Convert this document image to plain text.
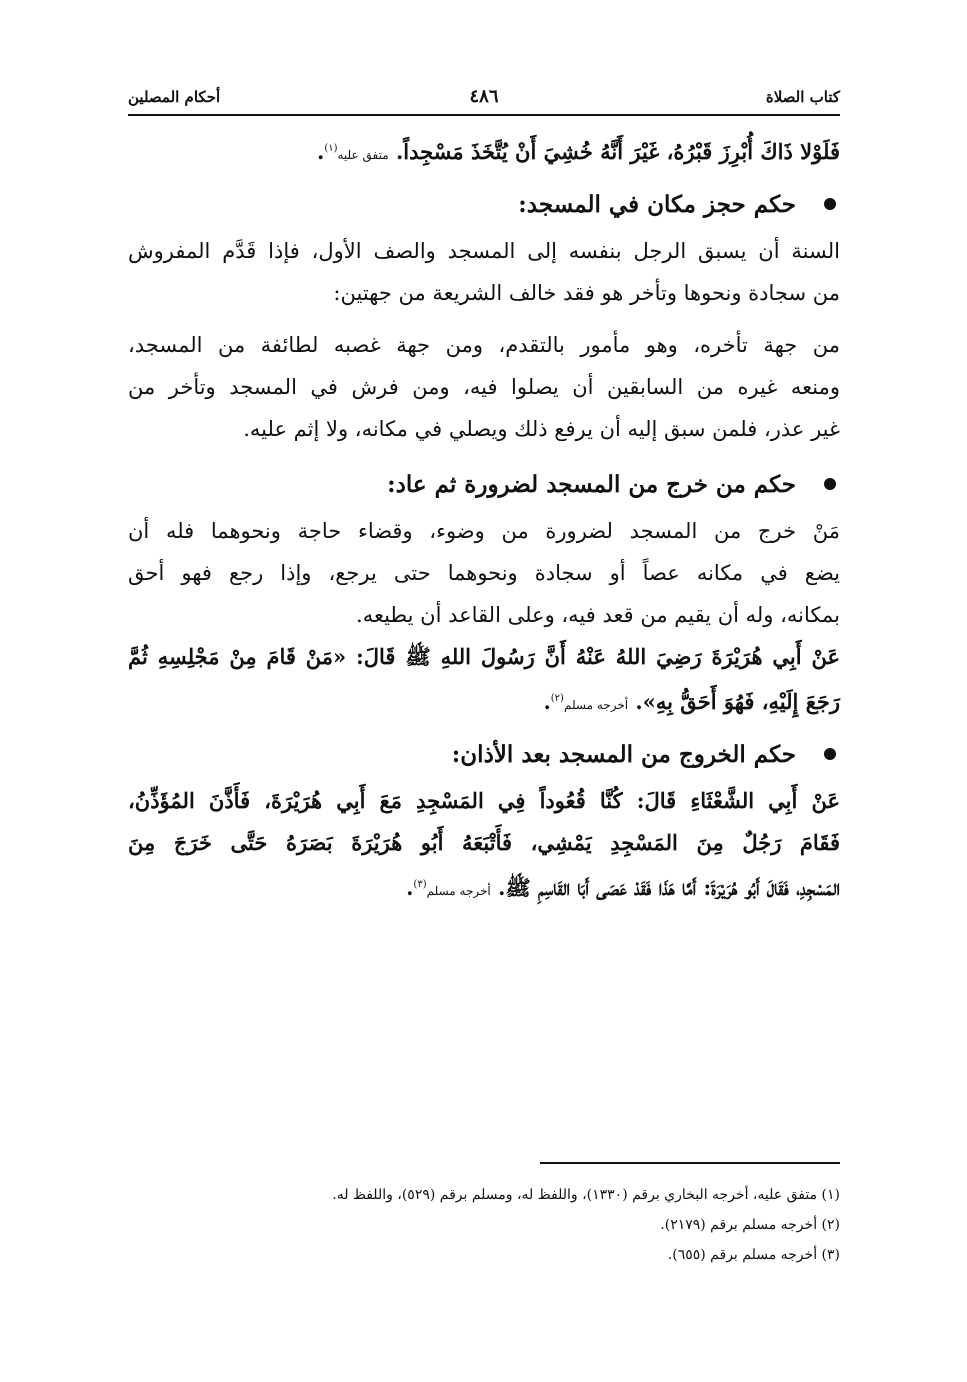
كتاب الصلاة
٤٨٦
أحكام المصلين
فَلَوْلا ذَاكَ أُبْرِزَ قَبْرُهُ، غَيْرَ أَنَّهُ خُشِيَ أَنْ يُتَّخَذَ مَسْجِداً. متفق عليه$^{(١)}$.
حكم حجز مكان في المسجد:
السنة أن يسبق الرجل بنفسه إلى المسجد والصف الأول، فإذا قَدَّم المفروش
من سجادة ونحوها وتأخر هو فقد خالف الشريعة من جهتين:
من جهة تأخره، وهو مأمور بالتقدم، ومن جهة غصبه لطائفة من المسجد،
ومنعه غيره من السابقين أن يصلوا فيه، ومن فرش في المسجد وتأخر من
غير عذر، فلمن سبق إليه أن يرفع ذلك ويصلي في مكانه، ولا إثم عليه.
حكم من خرج من المسجد لضرورة ثم عاد:
مَنْ خرج من المسجد لضرورة من وضوء، وقضاء حاجة ونحوهما فله أن
يضع في مكانه عصاً أو سجادة ونحوهما حتى يرجع، وإذا رجع فهو أحق
بمكانه، وله أن يقيم من قعد فيه، وعلى القاعد أن يطيعه.
عَنْ أَبِي هُرَيْرَةَ رَضِيَ اللهُ عَنْهُ أَنَّ رَسُولَ اللهِ ﷺ قَالَ: «مَنْ قَامَ مِنْ مَجْلِسِهِ ثُمَّ
رَجَعَ إِلَيْهِ، فَهُوَ أَحَقُّ بِهِ». أخرجه مسلم$^{(٢)}$.
حكم الخروج من المسجد بعد الأذان:
عَنْ أَبِي الشَّعْثَاءِ قَالَ: كُنَّا قُعُوداً فِي المَسْجِدِ مَعَ أَبِي هُرَيْرَةَ، فَأَذَّنَ المُؤَذِّنُ،
فَقَامَ رَجُلٌ مِنَ المَسْجِدِ يَمْشِي، فَأَتْبَعَهُ أَبُو هُرَيْرَةَ بَصَرَهُ حَتَّى خَرَجَ مِنَ
المَسْجِدِ، فَقَالَ أَبُو هُرَيْرَةَ: أَمَّا هَذَا فَقَدْ عَصَى أَبَا القَاسِمِ ﷺ. أخرجه مسلم$^{(٣)}$.
(١) متفق عليه، أخرجه البخاري برقم (١٣٣٠)، واللفظ له، ومسلم برقم (٥٢٩)، واللفظ له.
(٢) أخرجه مسلم برقم (٢١٧٩).
(٣) أخرجه مسلم برقم (٦٥٥).
